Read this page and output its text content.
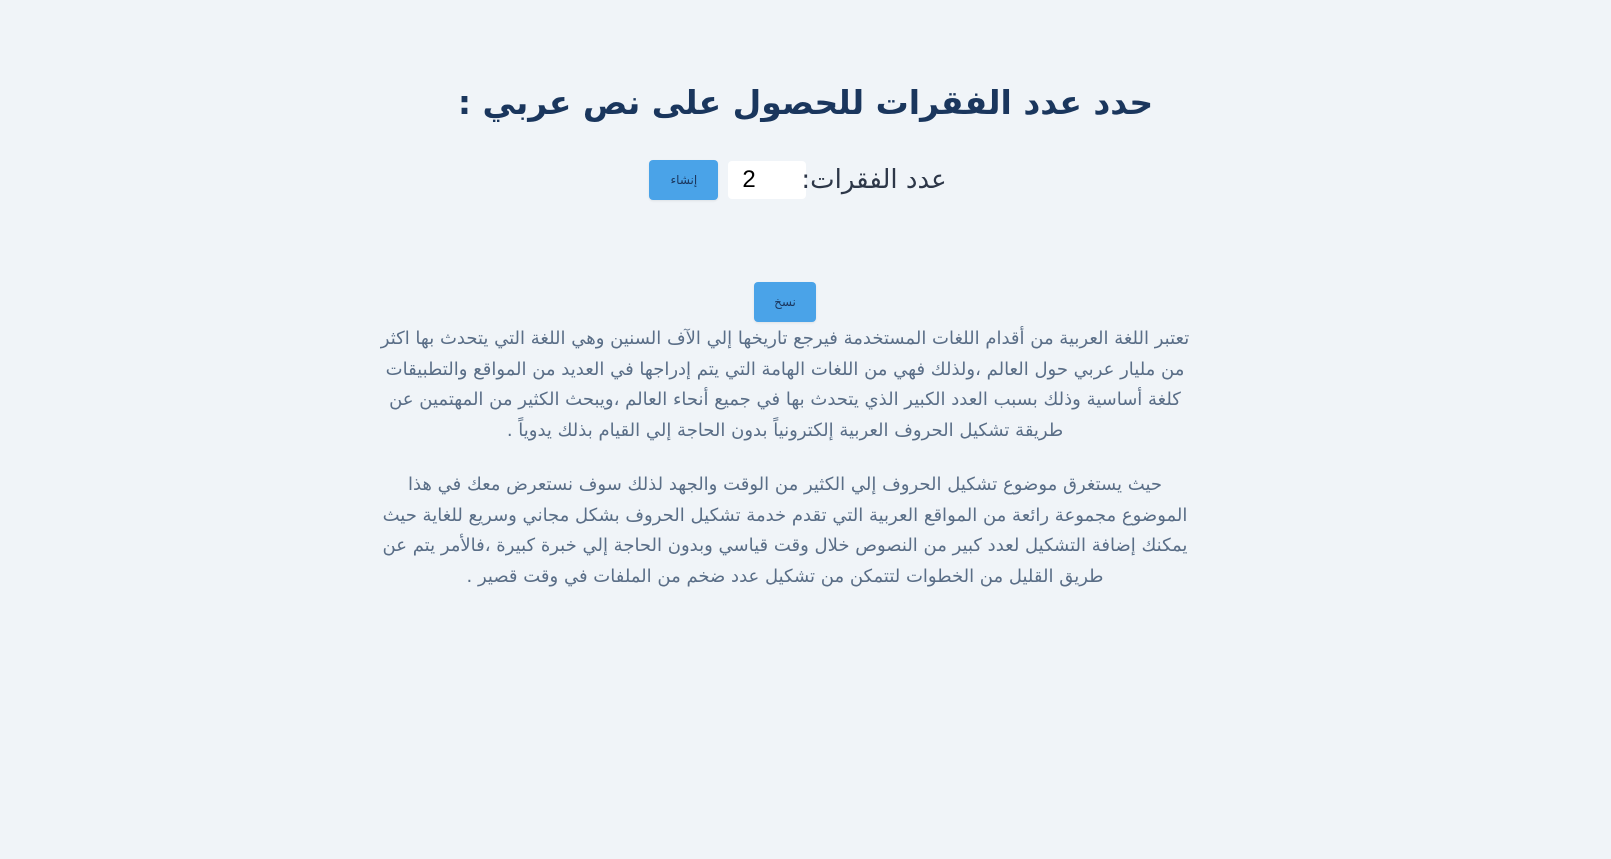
حدد عدد الفقرات للحصول على نص عربي :
عدد الفقرات:
2
إنشاء
نسخ

تعتبر اللغة العربية من أقدام اللغات المستخدمة فيرجع تاريخها إلي الآف السنين وهي اللغة التي يتحدث بها اكثر من مليار عربي حول العالم ،ولذلك فهي من اللغات الهامة التي يتم إدراجها في العديد من المواقع والتطبيقات كلغة أساسية وذلك بسبب العدد الكبير الذي يتحدث بها في جميع أنحاء العالم ،ويبحث الكثير من المهتمين عن طريقة تشكيل الحروف العربية إلكترونياً بدون الحاجة إلي القيام بذلك يدوياً .

حيث يستغرق موضوع تشكيل الحروف إلي الكثير من الوقت والجهد لذلك سوف نستعرض معك في هذا الموضوع مجموعة رائعة من المواقع العربية التي تقدم خدمة تشكيل الحروف بشكل مجاني وسريع للغاية حيث يمكنك إضافة التشكيل لعدد كبير من النصوص خلال وقت قياسي وبدون الحاجة إلي خبرة كبيرة ،فالأمر يتم عن طريق القليل من الخطوات لتتمكن من تشكيل عدد ضخم من الملفات في وقت قصير .
